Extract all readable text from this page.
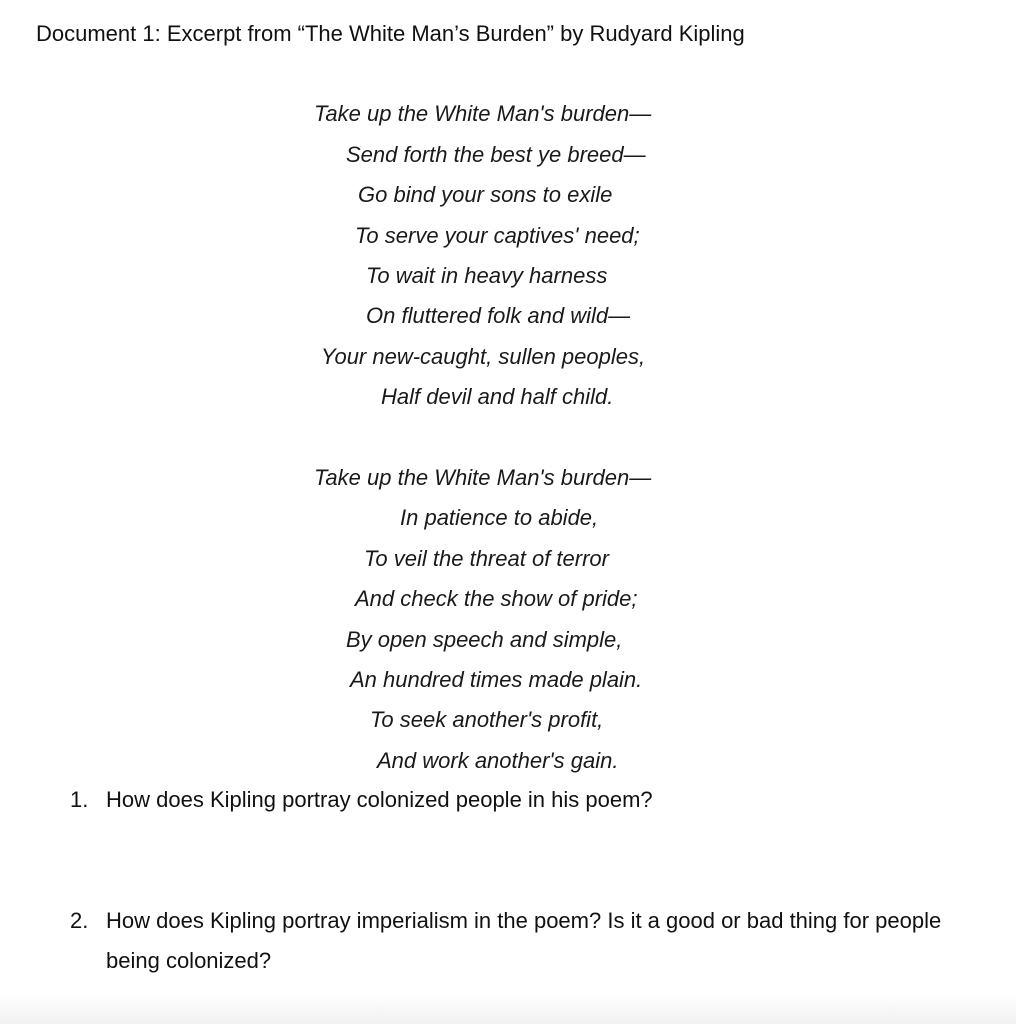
Document 1: Excerpt from “The White Man’s Burden” by Rudyard Kipling
Take up the White Man's burden—
Send forth the best ye breed—
Go bind your sons to exile
To serve your captives' need;
To wait in heavy harness
On fluttered folk and wild—
Your new-caught, sullen peoples,
Half devil and half child.
Take up the White Man's burden—
In patience to abide,
To veil the threat of terror
And check the show of pride;
By open speech and simple,
An hundred times made plain.
To seek another's profit,
And work another's gain.
1. How does Kipling portray colonized people in his poem?
2. How does Kipling portray imperialism in the poem? Is it a good or bad thing for people being colonized?
